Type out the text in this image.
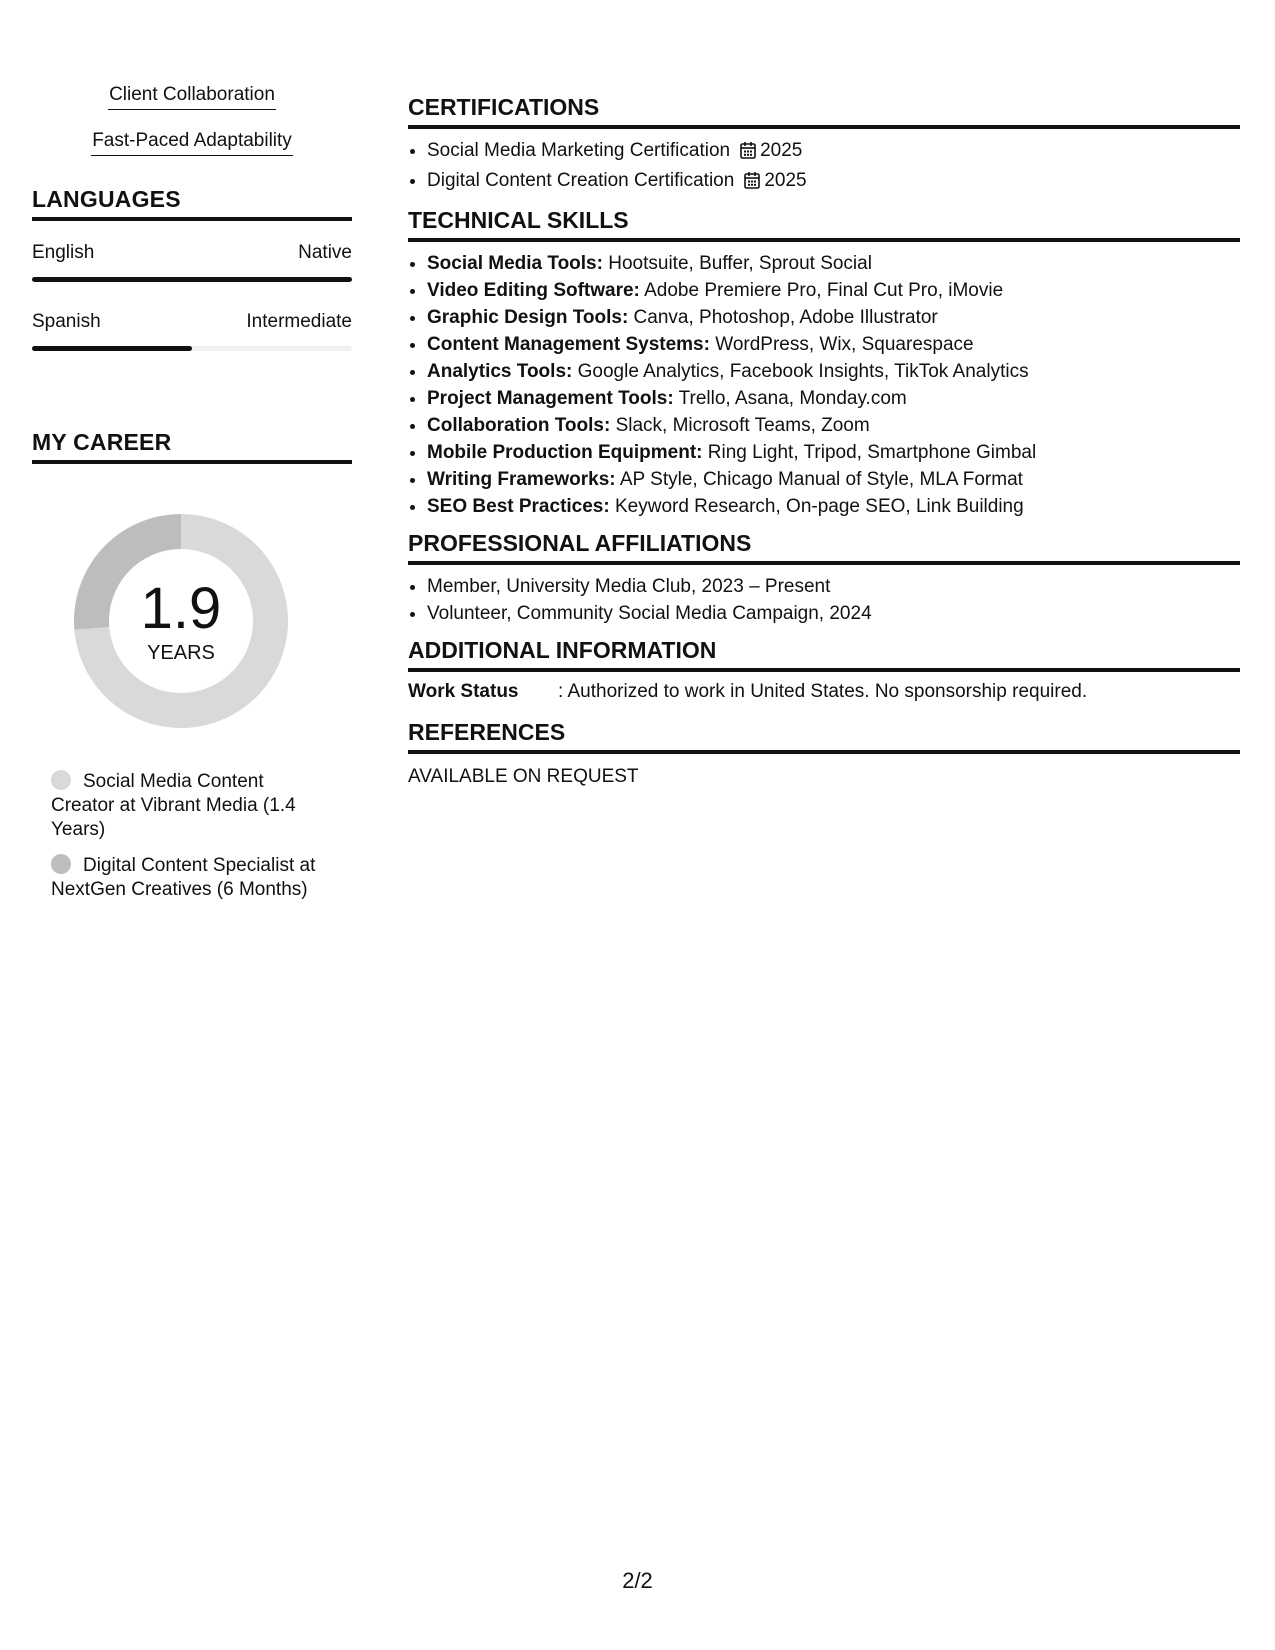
Client Collaboration
Fast-Paced Adaptability
LANGUAGES
English	Native
Spanish	Intermediate
MY CAREER
1.9
YEARS
Social Media Content Creator at Vibrant Media (1.4 Years)
Digital Content Specialist at NextGen Creatives (6 Months)
CERTIFICATIONS
• Social Media Marketing Certification 2025
• Digital Content Creation Certification 2025
TECHNICAL SKILLS
• Social Media Tools: Hootsuite, Buffer, Sprout Social
• Video Editing Software: Adobe Premiere Pro, Final Cut Pro, iMovie
• Graphic Design Tools: Canva, Photoshop, Adobe Illustrator
• Content Management Systems: WordPress, Wix, Squarespace
• Analytics Tools: Google Analytics, Facebook Insights, TikTok Analytics
• Project Management Tools: Trello, Asana, Monday.com
• Collaboration Tools: Slack, Microsoft Teams, Zoom
• Mobile Production Equipment: Ring Light, Tripod, Smartphone Gimbal
• Writing Frameworks: AP Style, Chicago Manual of Style, MLA Format
• SEO Best Practices: Keyword Research, On-page SEO, Link Building
PROFESSIONAL AFFILIATIONS
• Member, University Media Club, 2023 – Present
• Volunteer, Community Social Media Campaign, 2024
ADDITIONAL INFORMATION
Work Status	: Authorized to work in United States. No sponsorship required.
REFERENCES
AVAILABLE ON REQUEST
2/2
